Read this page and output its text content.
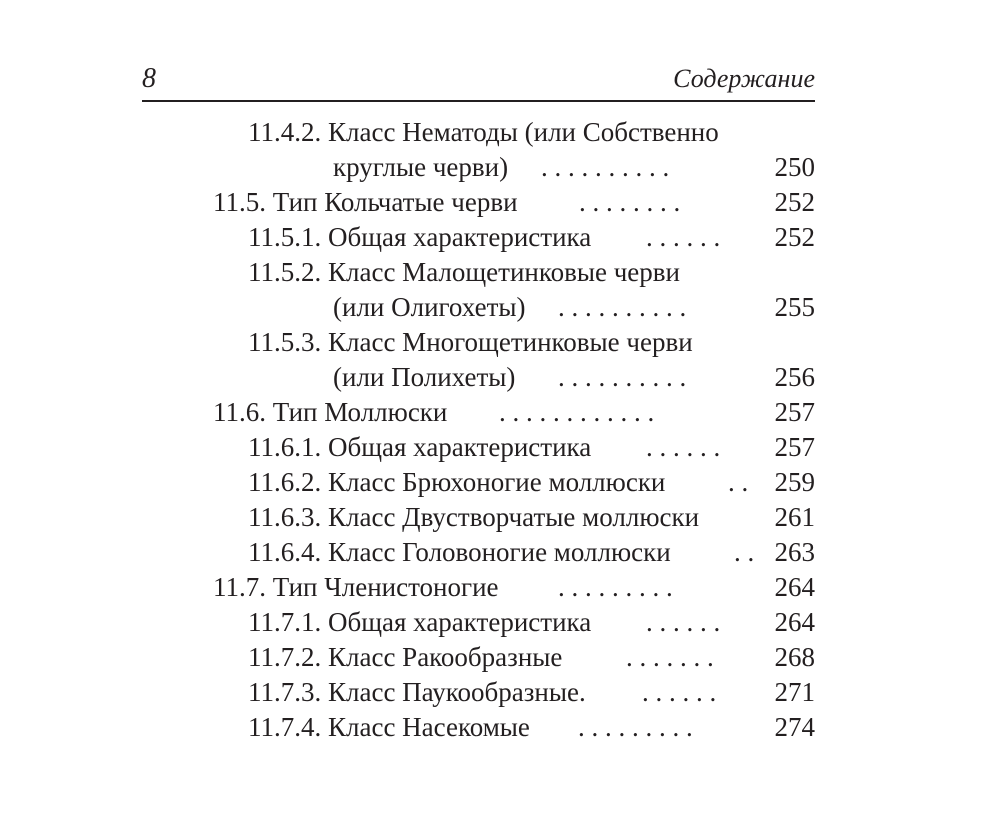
8	Содержание
11.4.2. Класс Нематоды (или Собственно
круглые черви) . . . . . . . . . .	250
11.5. Тип Кольчатые черви . . . . . . . .	252
11.5.1. Общая характеристика . . . . . . 252
11.5.2. Класс Малощетинковые черви
(или Олигохеты) . . . . . . . . . .	255
11.5.3. Класс Многощетинковые черви
(или Полихеты) . . . . . . . . . .	256
11.6. Тип Моллюски . . . . . . . . . . . .	257
11.6.1. Общая характеристика . . . . . . 257
11.6.2. Класс Брюхоногие моллюски . . 259
11.6.3. Класс Двустворчатые моллюски	261
11.6.4. Класс Головоногие моллюски . . 263
11.7. Тип Членистоногие . . . . . . . . .	264
11.7.1. Общая характеристика . . . . . . 264
11.7.2. Класс Ракообразные . . . . . . . 268
11.7.3. Класс Паукообразные. . . . . . . 271
11.7.4. Класс Насекомые . . . . . . . . .	274
